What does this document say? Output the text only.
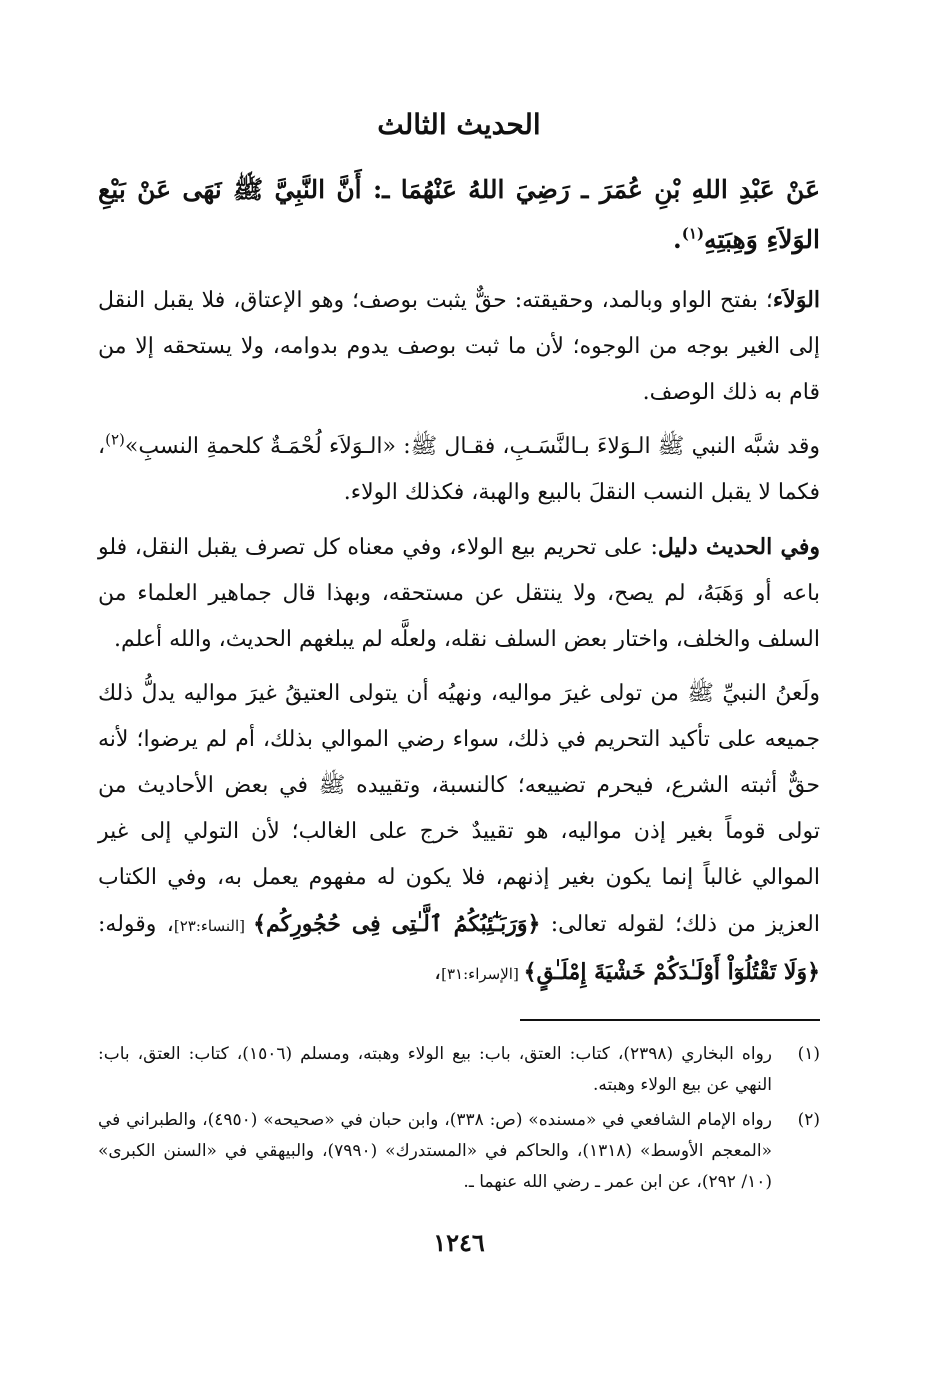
الحديث الثالث

عَنْ عَبْدِ اللهِ بْنِ عُمَرَ ـ رَضِيَ اللهُ عَنْهُمَا ـ: أَنَّ النَّبِيَّ ﷺ نَهَى عَنْ بَيْعِ الوَلاَءِ وَهِبَتِهِ$^{(١)}$.

الوَلاَء؛ بفتح الواو وبالمد، وحقيقته: حقٌّ يثبت بوصف؛ وهو الإعتاق، فلا يقبل النقل إلى الغير بوجه من الوجوه؛ لأن ما ثبت بوصف يدوم بدوامه، ولا يستحقه إلا من قام به ذلك الوصف.

وقد شبَّه النبي ﷺ الـوَلاءَ بـالنَّسَـبِ، فقـال ﷺ: «الـوَلاَء لُحْمَـةٌ كلحمةِ النسبِ»$^{(٢)}$، فكما لا يقبل النسب النقلَ بالبيع والهبة، فكذلك الولاء.

وفي الحديث دليل: على تحريم بيع الولاء، وفي معناه كل تصرف يقبل النقل، فلو باعه أو وَهَبَهُ، لم يصح، ولا ينتقل عن مستحقه، وبهذا قال جماهير العلماء من السلف والخلف، واختار بعض السلف نقله، ولعلَّه لم يبلغهم الحديث، والله أعلم.

ولَعنُ النبيِّ ﷺ من تولى غيرَ مواليه، ونهيُه أن يتولى العتيقُ غيرَ مواليه يدلُّ ذلك جميعه على تأكيد التحريم في ذلك، سواء رضي الموالي بذلك، أم لم يرضوا؛ لأنه حقٌّ أثبته الشرع، فيحرم تضييعه؛ كالنسبة، وتقييده ﷺ في بعض الأحاديث من تولى قوماً بغير إذن مواليه، هو تقييدٌ خرج على الغالب؛ لأن التولي إلى غير الموالي غالباً إنما يكون بغير إذنهم، فلا يكون له مفهوم يعمل به، وفي الكتاب العزيز من ذلك؛ لقوله تعالى: ﴿وَرَبَـٰٓئِبُكُمُ ٱلَّـٰتِى فِى حُجُورِكُم﴾ [النساء:٢٣]، وقوله: ﴿وَلَا تَقْتُلُوٓاْ أَوْلَـٰدَكُمْ خَشْيَةَ إِمْلَـٰقٍ﴾ [الإسراء:٣١]،

(١)
رواه البخاري (٢٣٩٨)، كتاب: العتق، باب: بيع الولاء وهبته، ومسلم (١٥٠٦)، كتاب: العتق، باب: النهي عن بيع الولاء وهبته.
(٢)
رواه الإمام الشافعي في «مسنده» (ص: ٣٣٨)، وابن حبان في «صحيحه» (٤٩٥٠)، والطبراني في «المعجم الأوسط» (١٣١٨)، والحاكم في «المستدرك» (٧٩٩٠)، والبيهقي في «السنن الكبرى» (١٠/ ٢٩٢)، عن ابن عمر ـ رضي الله عنهما ـ.
١٢٤٦
